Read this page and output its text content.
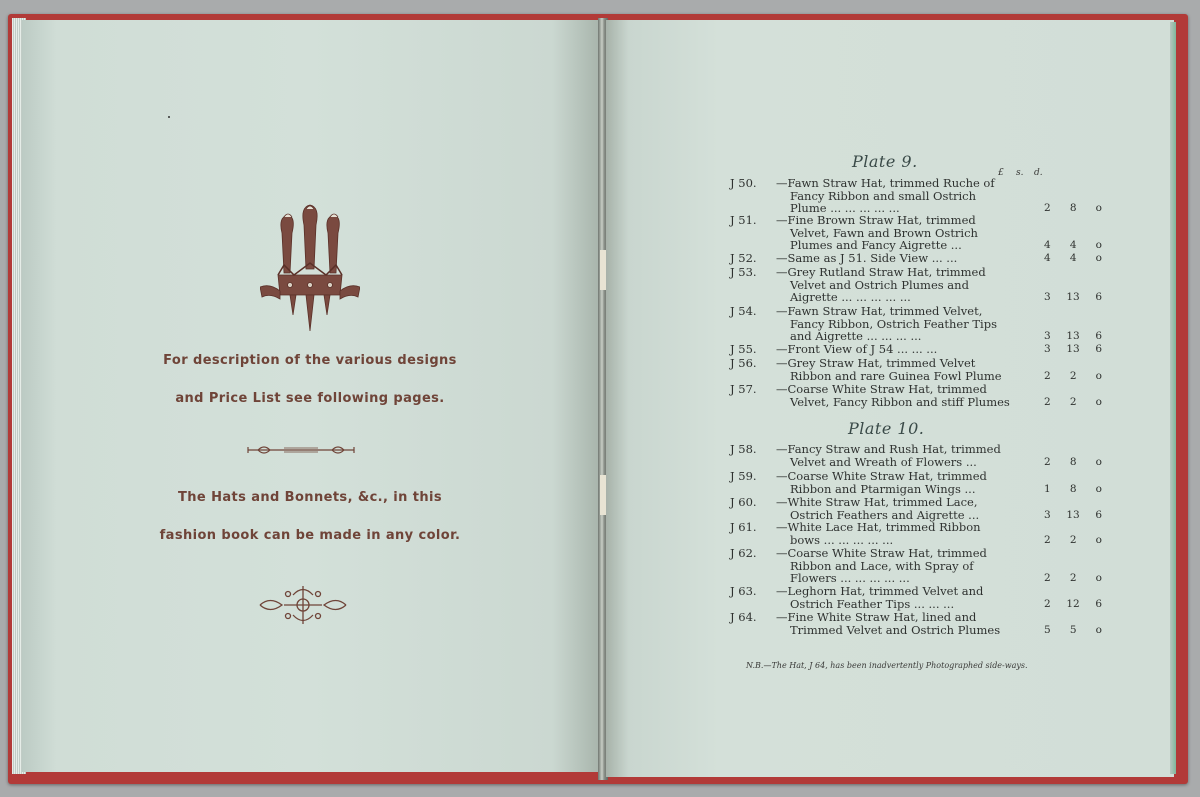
For description of the various designs
and Price List see following pages.
The Hats and Bonnets, &c., in this
fashion book can be made in any color.
Plate 9.
£ s. d.
J 50.	—Fawn Straw Hat, trimmed Ruche of
Fancy Ribbon and small Ostrich
Plume ... ... ... ... ...	2 8 o
J 51.	—Fine Brown Straw Hat, trimmed
Velvet, Fawn and Brown Ostrich
Plumes and Fancy Aigrette ...	4 4 o
J 52.	—Same as J 51. Side View ... ...	4 4 o
J 53.	—Grey Rutland Straw Hat, trimmed
Velvet and Ostrich Plumes and
Aigrette ... ... ... ... ...	3 13 6
J 54.	—Fawn Straw Hat, trimmed Velvet,
Fancy Ribbon, Ostrich Feather Tips
and Aigrette ... ... ... ...	3 13 6
J 55.	—Front View of J 54 ... ... ...	3 13 6
J 56.	—Grey Straw Hat, trimmed Velvet
Ribbon and rare Guinea Fowl Plume	2 2 o
J 57.	—Coarse White Straw Hat, trimmed
Velvet, Fancy Ribbon and stiff Plumes	2 2 o
Plate 10.
J 58.	—Fancy Straw and Rush Hat, trimmed
Velvet and Wreath of Flowers ...	2 8 o
J 59.	—Coarse White Straw Hat, trimmed
Ribbon and Ptarmigan Wings ...	1 8 o
J 60.	—White Straw Hat, trimmed Lace,
Ostrich Feathers and Aigrette ...	3 13 6
J 61.	—White Lace Hat, trimmed Ribbon
bows ... ... ... ... ...	2 2 o
J 62.	—Coarse White Straw Hat, trimmed
Ribbon and Lace, with Spray of
Flowers ... ... ... ... ...	2 2 o
J 63.	—Leghorn Hat, trimmed Velvet and
Ostrich Feather Tips ... ... ...	2 12 6
J 64.	—Fine White Straw Hat, lined and
Trimmed Velvet and Ostrich Plumes	5 5 o
N.B.—The Hat, J 64, has been inadvertently Photographed side-ways.
